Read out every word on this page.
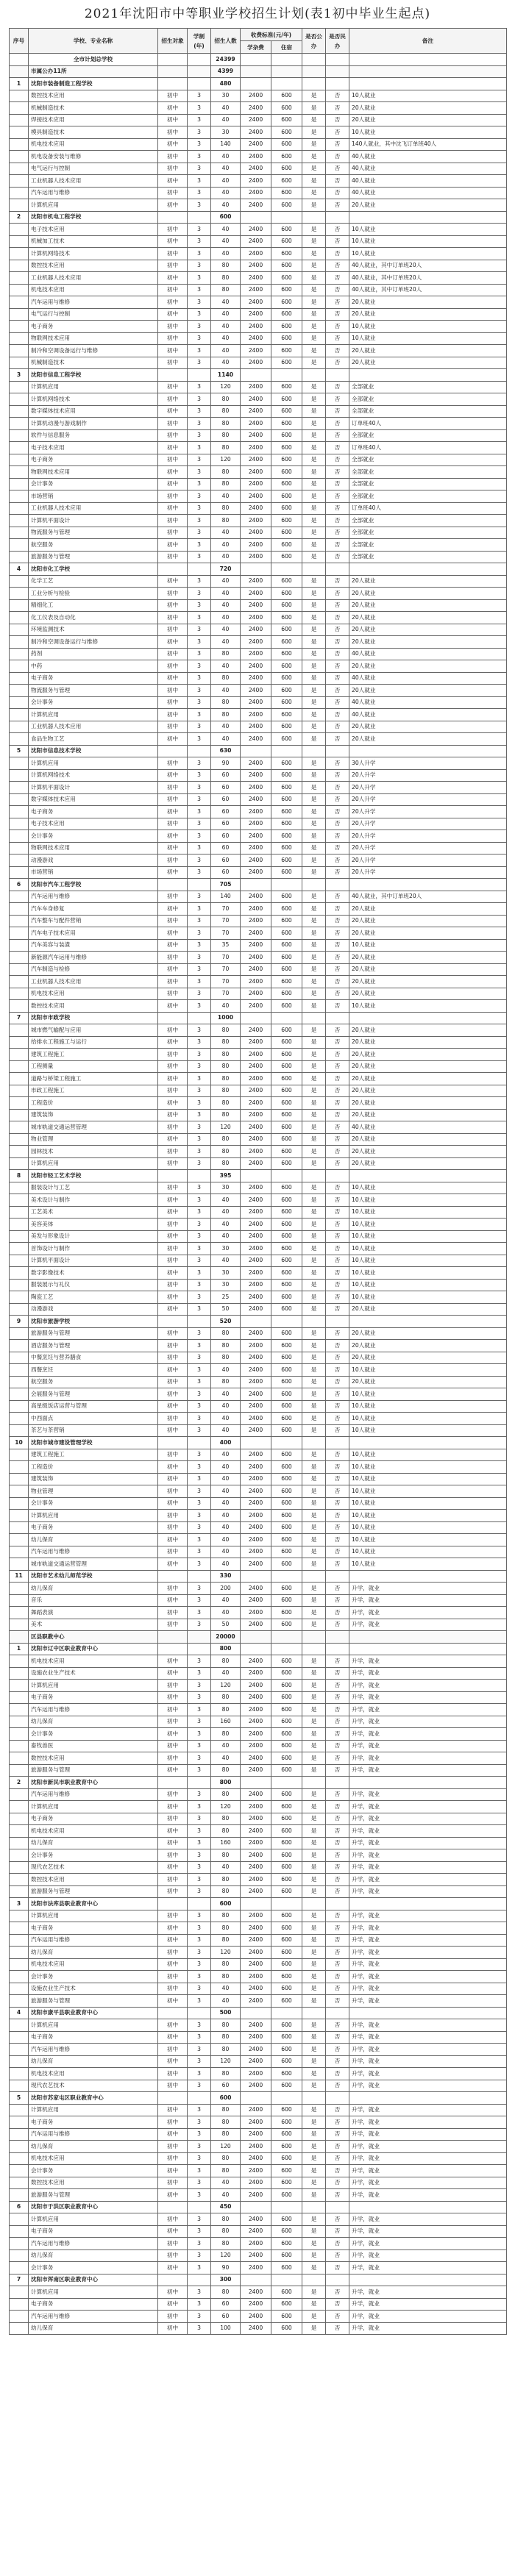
2021年沈阳市中等职业学校招生计划(表1初中毕业生起点)
序号	学校、专业名称	招生对象	学制(年)	招生人数	收费标准(元/年)		是否公办	是否民办	备注
					学杂费	住宿			
	全市计划总学校			24399					
	市属公办11所			4399					
1	沈阳市装备制造工程学校			480					
	数控技术应用	初中	3	30	2400	600	是	否	10人就业
	机械制造技术	初中	3	40	2400	600	是	否	20人就业
	焊接技术应用	初中	3	40	2400	600	是	否	20人就业
	模具制造技术	初中	3	30	2400	600	是	否	10人就业
	机电技术应用	初中	3	140	2400	600	是	否	140人就业，其中沈飞订单班40人
	机电设备安装与维修	初中	3	40	2400	600	是	否	40人就业
	电气运行与控制	初中	3	40	2400	600	是	否	40人就业
	工业机器人技术应用	初中	3	40	2400	600	是	否	40人就业
	汽车运用与维修	初中	3	40	2400	600	是	否	40人就业
	计算机应用	初中	3	40	2400	600	是	否	20人就业
2	沈阳市机电工程学校			600					
	电子技术应用	初中	3	40	2400	600	是	否	10人就业
	机械加工技术	初中	3	40	2400	600	是	否	10人就业
	计算机网络技术	初中	3	40	2400	600	是	否	10人就业
	数控技术应用	初中	3	80	2400	600	是	否	40人就业，其中订单班20人
	工业机器人技术应用	初中	3	80	2400	600	是	否	40人就业，其中订单班20人
	机电技术应用	初中	3	80	2400	600	是	否	40人就业，其中订单班20人
	汽车运用与维修	初中	3	40	2400	600	是	否	20人就业
	电气运行与控制	初中	3	40	2400	600	是	否	20人就业
	电子商务	初中	3	40	2400	600	是	否	10人就业
	物联网技术应用	初中	3	40	2400	600	是	否	10人就业
	制冷和空调设备运行与维修	初中	3	40	2400	600	是	否	20人就业
	机械制造技术	初中	3	40	2400	600	是	否	20人就业
3	沈阳市信息工程学校			1140					
	计算机应用	初中	3	120	2400	600	是	否	全部就业
	计算机网络技术	初中	3	80	2400	600	是	否	全部就业
	数字媒体技术应用	初中	3	80	2400	600	是	否	全部就业
	计算机动漫与游戏制作	初中	3	80	2400	600	是	否	订单班40人
	软件与信息服务	初中	3	80	2400	600	是	否	全部就业
	电子技术应用	初中	3	80	2400	600	是	否	订单班40人
	电子商务	初中	3	120	2400	600	是	否	全部就业
	物联网技术应用	初中	3	80	2400	600	是	否	全部就业
	会计事务	初中	3	80	2400	600	是	否	全部就业
	市场营销	初中	3	40	2400	600	是	否	全部就业
	工业机器人技术应用	初中	3	80	2400	600	是	否	订单班40人
	计算机平面设计	初中	3	80	2400	600	是	否	全部就业
	物流服务与管理	初中	3	40	2400	600	是	否	全部就业
	航空服务	初中	3	40	2400	600	是	否	全部就业
	旅游服务与管理	初中	3	40	2400	600	是	否	全部就业
4	沈阳市化工学校			720					
	化学工艺	初中	3	40	2400	600	是	否	20人就业
	工业分析与检验	初中	3	40	2400	600	是	否	20人就业
	精细化工	初中	3	40	2400	600	是	否	20人就业
	化工仪表及自动化	初中	3	40	2400	600	是	否	20人就业
	环境监测技术	初中	3	40	2400	600	是	否	20人就业
	制冷和空调设备运行与维修	初中	3	40	2400	600	是	否	20人就业
	药剂	初中	3	80	2400	600	是	否	40人就业
	中药	初中	3	40	2400	600	是	否	20人就业
	电子商务	初中	3	80	2400	600	是	否	40人就业
	物流服务与管理	初中	3	40	2400	600	是	否	20人就业
	会计事务	初中	3	80	2400	600	是	否	40人就业
	计算机应用	初中	3	80	2400	600	是	否	40人就业
	工业机器人技术应用	初中	3	40	2400	600	是	否	20人就业
	食品生物工艺	初中	3	40	2400	600	是	否	20人就业
5	沈阳市信息技术学校			630					
	计算机应用	初中	3	90	2400	600	是	否	30人升学
	计算机网络技术	初中	3	60	2400	600	是	否	20人升学
	计算机平面设计	初中	3	60	2400	600	是	否	20人升学
	数字媒体技术应用	初中	3	60	2400	600	是	否	20人升学
	电子商务	初中	3	60	2400	600	是	否	20人升学
	电子技术应用	初中	3	60	2400	600	是	否	20人升学
	会计事务	初中	3	60	2400	600	是	否	20人升学
	物联网技术应用	初中	3	60	2400	600	是	否	20人升学
	动漫游戏	初中	3	60	2400	600	是	否	20人升学
	市场营销	初中	3	60	2400	600	是	否	20人升学
6	沈阳市汽车工程学校			705					
	汽车运用与维修	初中	3	140	2400	600	是	否	40人就业，其中订单班20人
	汽车车身修复	初中	3	70	2400	600	是	否	20人就业
	汽车整车与配件营销	初中	3	70	2400	600	是	否	20人就业
	汽车电子技术应用	初中	3	70	2400	600	是	否	20人就业
	汽车美容与装潢	初中	3	35	2400	600	是	否	10人就业
	新能源汽车运用与维修	初中	3	70	2400	600	是	否	20人就业
	汽车制造与检修	初中	3	70	2400	600	是	否	20人就业
	工业机器人技术应用	初中	3	70	2400	600	是	否	20人就业
	机电技术应用	初中	3	70	2400	600	是	否	20人就业
	数控技术应用	初中	3	40	2400	600	是	否	10人就业
7	沈阳市市政学校			1000					
	城市燃气输配与应用	初中	3	80	2400	600	是	否	20人就业
	给排水工程施工与运行	初中	3	80	2400	600	是	否	20人就业
	建筑工程施工	初中	3	80	2400	600	是	否	20人就业
	工程测量	初中	3	80	2400	600	是	否	20人就业
	道路与桥梁工程施工	初中	3	80	2400	600	是	否	20人就业
	市政工程施工	初中	3	80	2400	600	是	否	20人就业
	工程造价	初中	3	80	2400	600	是	否	20人就业
	建筑装饰	初中	3	80	2400	600	是	否	20人就业
	城市轨道交通运营管理	初中	3	120	2400	600	是	否	40人就业
	物业管理	初中	3	80	2400	600	是	否	20人就业
	园林技术	初中	3	80	2400	600	是	否	20人就业
	计算机应用	初中	3	80	2400	600	是	否	20人就业
8	沈阳市轻工艺术学校			395					
	服装设计与工艺	初中	3	30	2400	600	是	否	10人就业
	美术设计与制作	初中	3	40	2400	600	是	否	10人就业
	工艺美术	初中	3	40	2400	600	是	否	10人就业
	美容美体	初中	3	40	2400	600	是	否	10人就业
	美发与形象设计	初中	3	40	2400	600	是	否	10人就业
	首饰设计与制作	初中	3	30	2400	600	是	否	10人就业
	计算机平面设计	初中	3	40	2400	600	是	否	10人就业
	数字影像技术	初中	3	30	2400	600	是	否	10人就业
	服装展示与礼仪	初中	3	30	2400	600	是	否	10人就业
	陶瓷工艺	初中	3	25	2400	600	是	否	10人就业
	动漫游戏	初中	3	50	2400	600	是	否	20人就业
9	沈阳市旅游学校			520					
	旅游服务与管理	初中	3	80	2400	600	是	否	20人就业
	酒店服务与管理	初中	3	80	2400	600	是	否	20人就业
	中餐烹饪与营养膳食	初中	3	80	2400	600	是	否	20人就业
	西餐烹饪	初中	3	40	2400	600	是	否	10人就业
	航空服务	初中	3	80	2400	600	是	否	20人就业
	会展服务与管理	初中	3	40	2400	600	是	否	10人就业
	高星级饭店运营与管理	初中	3	40	2400	600	是	否	10人就业
	中西面点	初中	3	40	2400	600	是	否	10人就业
	茶艺与茶营销	初中	3	40	2400	600	是	否	10人就业
10	沈阳市城市建设管理学校			400					
	建筑工程施工	初中	3	40	2400	600	是	否	10人就业
	工程造价	初中	3	40	2400	600	是	否	10人就业
	建筑装饰	初中	3	40	2400	600	是	否	10人就业
	物业管理	初中	3	40	2400	600	是	否	10人就业
	会计事务	初中	3	40	2400	600	是	否	10人就业
	计算机应用	初中	3	40	2400	600	是	否	10人就业
	电子商务	初中	3	40	2400	600	是	否	10人就业
	幼儿保育	初中	3	40	2400	600	是	否	10人就业
	汽车运用与维修	初中	3	40	2400	600	是	否	10人就业
	城市轨道交通运营管理	初中	3	40	2400	600	是	否	10人就业
11	沈阳市艺术幼儿师范学校			330					
	幼儿保育	初中	3	200	2400	600	是	否	升学，就业
	音乐	初中	3	40	2400	600	是	否	升学，就业
	舞蹈表演	初中	3	40	2400	600	是	否	升学，就业
	美术	初中	3	50	2400	600	是	否	升学，就业
	区县职教中心			20000					
1	沈阳市辽中区职业教育中心			800					
	机电技术应用	初中	3	80	2400	600	是	否	升学，就业
	设施农业生产技术	初中	3	40	2400	600	是	否	升学，就业
	计算机应用	初中	3	120	2400	600	是	否	升学，就业
	电子商务	初中	3	80	2400	600	是	否	升学，就业
	汽车运用与维修	初中	3	80	2400	600	是	否	升学，就业
	幼儿保育	初中	3	160	2400	600	是	否	升学，就业
	会计事务	初中	3	80	2400	600	是	否	升学，就业
	畜牧兽医	初中	3	40	2400	600	是	否	升学，就业
	数控技术应用	初中	3	40	2400	600	是	否	升学，就业
	旅游服务与管理	初中	3	80	2400	600	是	否	升学，就业
2	沈阳市新民市职业教育中心			800					
	汽车运用与维修	初中	3	80	2400	600	是	否	升学，就业
	计算机应用	初中	3	120	2400	600	是	否	升学，就业
	电子商务	初中	3	80	2400	600	是	否	升学，就业
	机电技术应用	初中	3	80	2400	600	是	否	升学，就业
	幼儿保育	初中	3	160	2400	600	是	否	升学，就业
	会计事务	初中	3	80	2400	600	是	否	升学，就业
	现代农艺技术	初中	3	40	2400	600	是	否	升学，就业
	数控技术应用	初中	3	80	2400	600	是	否	升学，就业
	旅游服务与管理	初中	3	80	2400	600	是	否	升学，就业
3	沈阳市法库县职业教育中心			600					
	计算机应用	初中	3	80	2400	600	是	否	升学，就业
	电子商务	初中	3	80	2400	600	是	否	升学，就业
	汽车运用与维修	初中	3	80	2400	600	是	否	升学，就业
	幼儿保育	初中	3	120	2400	600	是	否	升学，就业
	机电技术应用	初中	3	80	2400	600	是	否	升学，就业
	会计事务	初中	3	80	2400	600	是	否	升学，就业
	设施农业生产技术	初中	3	40	2400	600	是	否	升学，就业
	旅游服务与管理	初中	3	40	2400	600	是	否	升学，就业
4	沈阳市康平县职业教育中心			500					
	计算机应用	初中	3	80	2400	600	是	否	升学，就业
	电子商务	初中	3	80	2400	600	是	否	升学，就业
	汽车运用与维修	初中	3	80	2400	600	是	否	升学，就业
	幼儿保育	初中	3	120	2400	600	是	否	升学，就业
	机电技术应用	初中	3	80	2400	600	是	否	升学，就业
	现代农艺技术	初中	3	60	2400	600	是	否	升学，就业
5	沈阳市苏家屯区职业教育中心			600					
	计算机应用	初中	3	80	2400	600	是	否	升学，就业
	电子商务	初中	3	80	2400	600	是	否	升学，就业
	汽车运用与维修	初中	3	80	2400	600	是	否	升学，就业
	幼儿保育	初中	3	120	2400	600	是	否	升学，就业
	机电技术应用	初中	3	80	2400	600	是	否	升学，就业
	会计事务	初中	3	80	2400	600	是	否	升学，就业
	数控技术应用	初中	3	40	2400	600	是	否	升学，就业
	旅游服务与管理	初中	3	40	2400	600	是	否	升学，就业
6	沈阳市于洪区职业教育中心			450					
	计算机应用	初中	3	80	2400	600	是	否	升学，就业
	电子商务	初中	3	80	2400	600	是	否	升学，就业
	汽车运用与维修	初中	3	80	2400	600	是	否	升学，就业
	幼儿保育	初中	3	120	2400	600	是	否	升学，就业
	会计事务	初中	3	90	2400	600	是	否	升学，就业
7	沈阳市浑南区职业教育中心			300					
	计算机应用	初中	3	80	2400	600	是	否	升学，就业
	电子商务	初中	3	60	2400	600	是	否	升学，就业
	汽车运用与维修	初中	3	60	2400	600	是	否	升学，就业
	幼儿保育	初中	3	100	2400	600	是	否	升学，就业
